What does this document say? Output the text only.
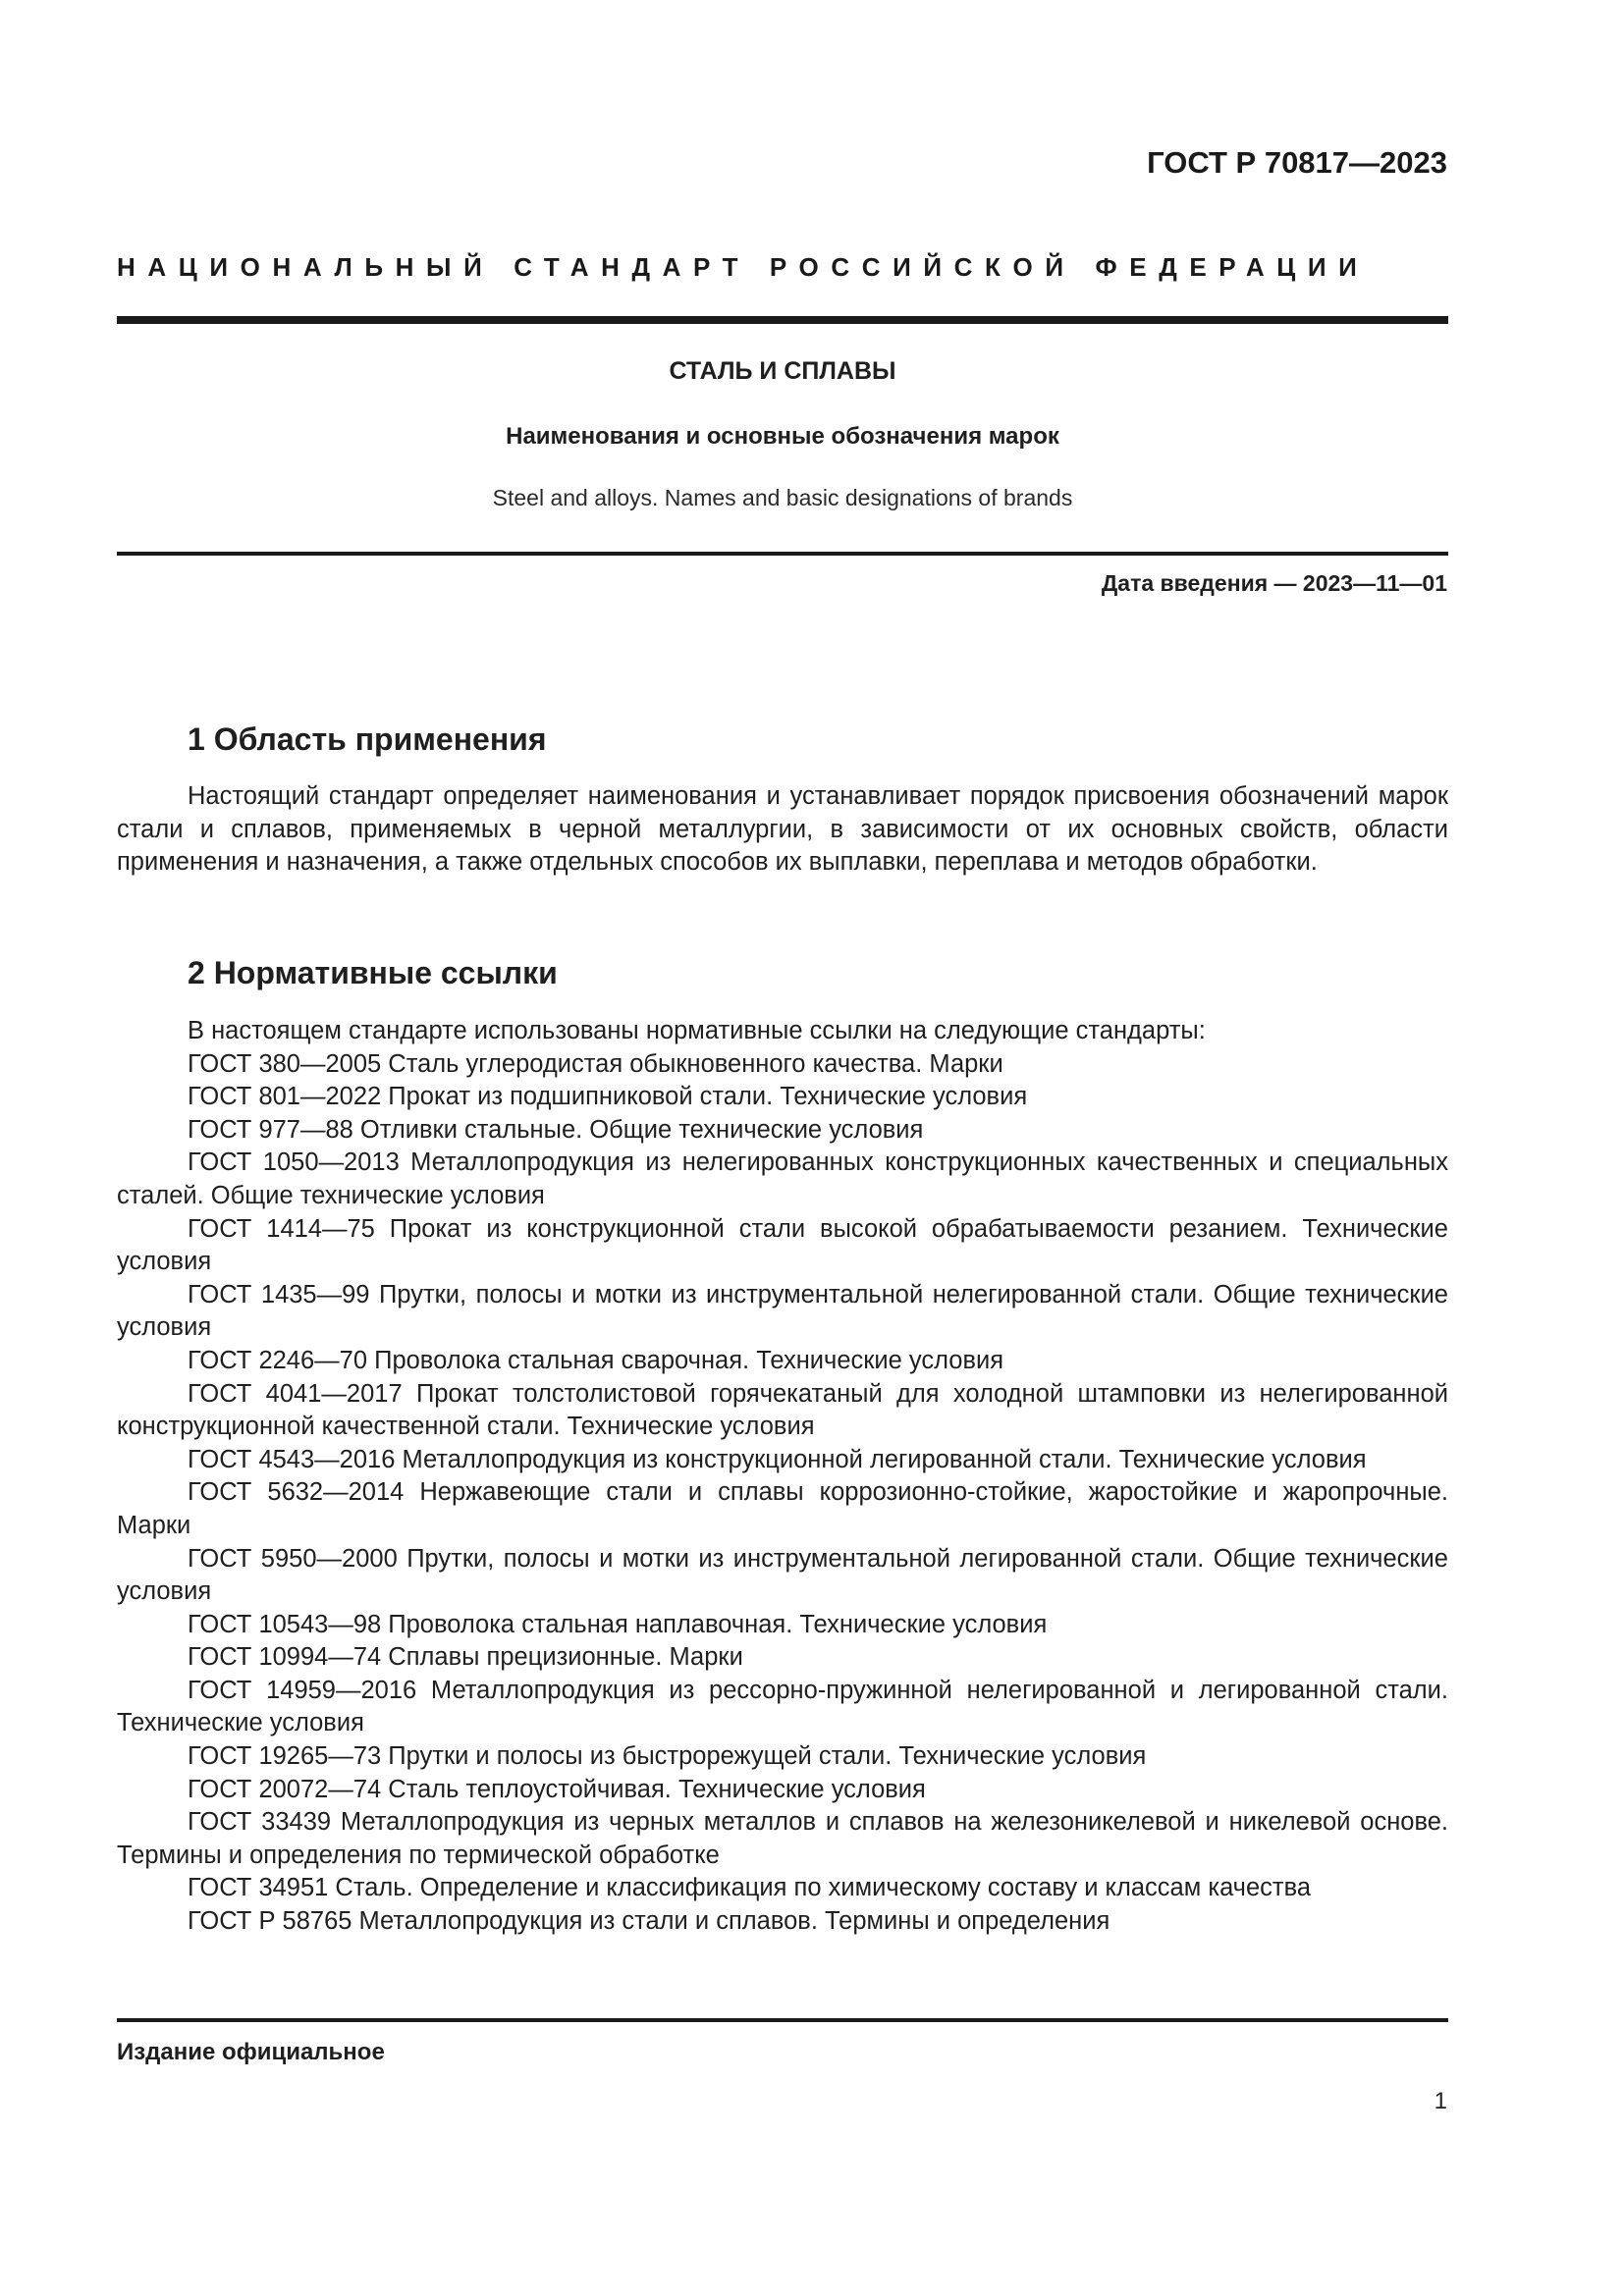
ГОСТ Р 70817—2023
НАЦИОНАЛЬНЫЙ СТАНДАРТ РОССИЙСКОЙ ФЕДЕРАЦИИ
СТАЛЬ И СПЛАВЫ
Наименования и основные обозначения марок
Steel and alloys. Names and basic designations of brands
Дата введения — 2023—11—01
1 Область применения
Настоящий стандарт определяет наименования и устанавливает порядок присвоения обозначений марок стали и сплавов, применяемых в черной металлургии, в зависимости от их основных свойств, области применения и назначения, а также отдельных способов их выплавки, переплава и методов обработки.
2 Нормативные ссылки

В настоящем стандарте использованы нормативные ссылки на следующие стандарты:

ГОСТ 380—2005 Сталь углеродистая обыкновенного качества. Марки

ГОСТ 801—2022 Прокат из подшипниковой стали. Технические условия

ГОСТ 977—88 Отливки стальные. Общие технические условия

ГОСТ 1050—2013 Металлопродукция из нелегированных конструкционных качественных и специальных сталей. Общие технические условия

ГОСТ 1414—75 Прокат из конструкционной стали высокой обрабатываемости резанием. Технические условия

ГОСТ 1435—99 Прутки, полосы и мотки из инструментальной нелегированной стали. Общие технические условия

ГОСТ 2246—70 Проволока стальная сварочная. Технические условия

ГОСТ 4041—2017 Прокат толстолистовой горячекатаный для холодной штамповки из нелегированной конструкционной качественной стали. Технические условия

ГОСТ 4543—2016 Металлопродукция из конструкционной легированной стали. Технические условия

ГОСТ 5632—2014 Нержавеющие стали и сплавы коррозионно-стойкие, жаростойкие и жаропрочные. Марки

ГОСТ 5950—2000 Прутки, полосы и мотки из инструментальной легированной стали. Общие технические условия

ГОСТ 10543—98 Проволока стальная наплавочная. Технические условия

ГОСТ 10994—74 Сплавы прецизионные. Марки

ГОСТ 14959—2016 Металлопродукция из рессорно-пружинной нелегированной и легированной стали. Технические условия

ГОСТ 19265—73 Прутки и полосы из быстрорежущей стали. Технические условия

ГОСТ 20072—74 Сталь теплоустойчивая. Технические условия

ГОСТ 33439 Металлопродукция из черных металлов и сплавов на железоникелевой и никелевой основе. Термины и определения по термической обработке

ГОСТ 34951 Сталь. Определение и классификация по химическому составу и классам качества

ГОСТ Р 58765 Металлопродукция из стали и сплавов. Термины и определения

Издание официальное
1
